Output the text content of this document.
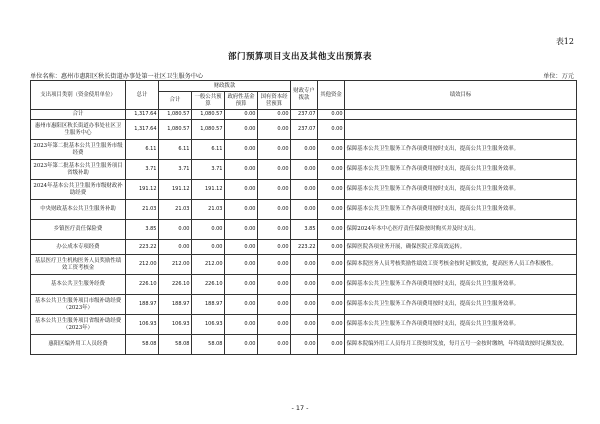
表12
部门预算项目支出及其他支出预算表
单位名称：惠州市惠阳区秋长街道办事处第一社区卫生服务中心	单位：万元
支出项目类别（资金使用单位）	总计	财政拨款				财政专户拨款	其他资金	绩效目标
		合计	一般公共预算	政府性基金预算	国有资本经营预算			
合计	1,317.64	1,080.57	1,080.57	0.00	0.00	237.07	0.00	
惠州市惠阳区秋长街道办事处社区卫生服务中心	1,317.64	1,080.57	1,080.57	0.00	0.00	237.07	0.00	
2023年第二批基本公共卫生服务市级经费	6.11	6.11	6.11	0.00	0.00	0.00	0.00	保障基本公共卫生服务工作各项费用按时支出，提高公共卫生服务效率。
2023年第二批基本公共卫生服务项目省级补助	3.71	3.71	3.71	0.00	0.00	0.00	0.00	保障基本公共卫生服务工作各项费用按时支出，提高公共卫生服务效率。
2024年基本公共卫生服务市级财政补助经费	191.12	191.12	191.12	0.00	0.00	0.00	0.00	保障基本公共卫生服务工作各项费用按时支出，提高公共卫生服务效率。
中央财政基本公共卫生服务补助	21.03	21.03	21.03	0.00	0.00	0.00	0.00	保障基本公共卫生服务工作各项费用按时支出，提高公共卫生服务效率。
乡镇医疗责任保险费	3.85	0.00	0.00	0.00	0.00	3.85	0.00	保障2024年本中心医疗责任保险按时购买并及时支出。
办公成本专项经费	223.22	0.00	0.00	0.00	0.00	223.22	0.00	保障医院各项业务开展，确保医院正常高效运转。
基层医疗卫生机构医务人员奖励性绩效工资考核金	212.00	212.00	212.00	0.00	0.00	0.00	0.00	保障本院医务人员考核奖励性绩效工资考核金按时足额发放，提高医务人员工作积极性。
基本公共卫生服务经费	226.10	226.10	226.10	0.00	0.00	0.00	0.00	保障基本公共卫生服务工作各项费用按时支出，提高公共卫生服务效率。
基本公共卫生服务项目市级补助经费（2023年）	188.97	188.97	188.97	0.00	0.00	0.00	0.00	保障基本公共卫生服务工作各项费用按时支出，提高公共卫生服务效率。
基本公共卫生服务项目省级补助经费（2023年）	106.93	106.93	106.93	0.00	0.00	0.00	0.00	保障基本公共卫生服务工作各项费用按时支出，提高公共卫生服务效率。
惠阳区编外用工人员经费	58.08	58.08	58.08	0.00	0.00	0.00	0.00	保障本院编外用工人员每月工资按时发放，每月五号一金按时缴纳，年终绩效按时足额发放。
- 17 -
